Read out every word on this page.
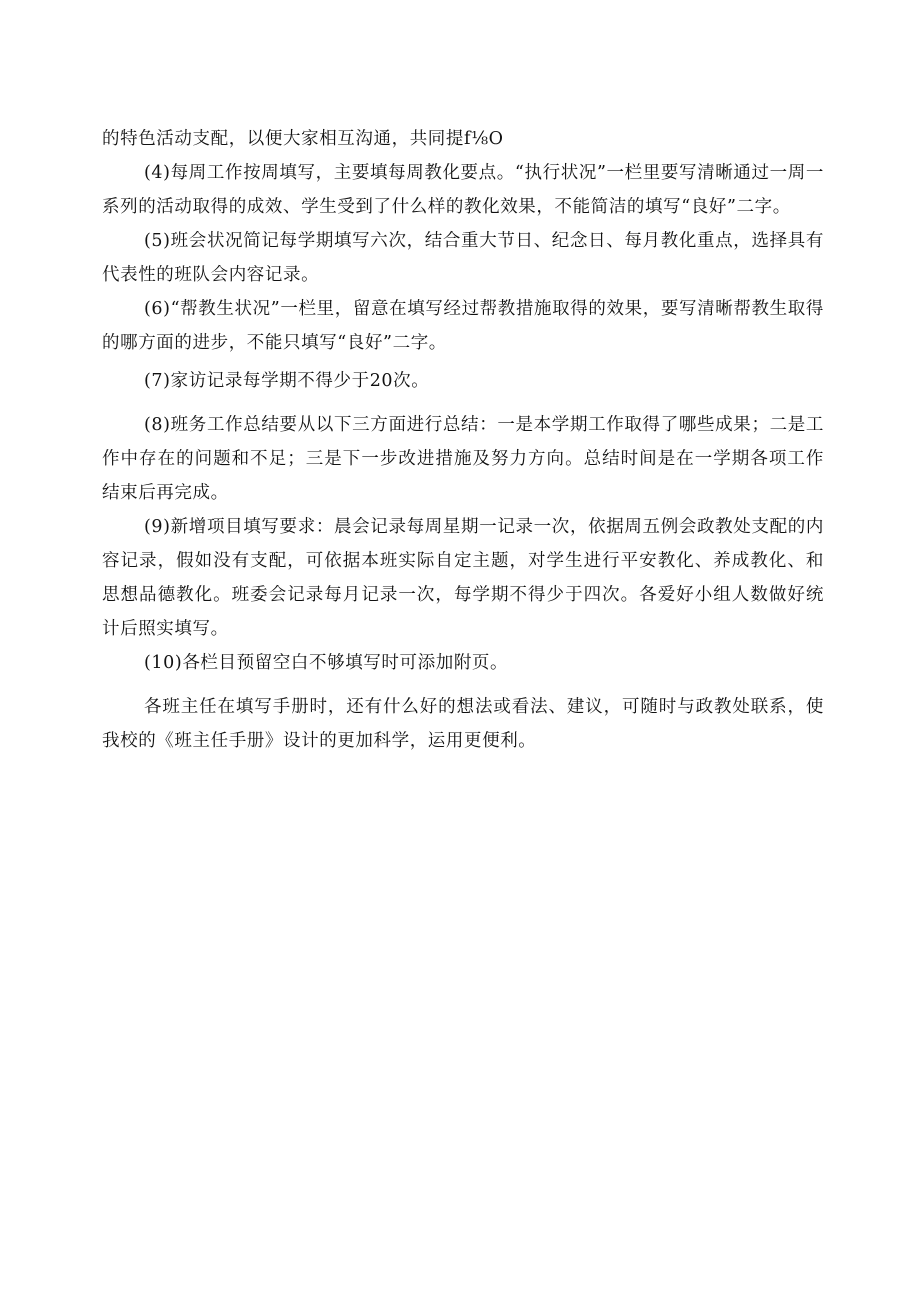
的特色活动支配，以便大家相互沟通，共同提f⅛O

(4)每周工作按周填写，主要填每周教化要点。“执行状况”一栏里要写清晰通过一周一系列的活动取得的成效、学生受到了什么样的教化效果，不能简洁的填写“良好”二字。

(5)班会状况简记每学期填写六次，结合重大节日、纪念日、每月教化重点，选择具有代表性的班队会内容记录。

(6)“帮教生状况”一栏里，留意在填写经过帮教措施取得的效果，要写清晰帮教生取得的哪方面的进步，不能只填写“良好”二字。

(7)家访记录每学期不得少于20次。

(8)班务工作总结要从以下三方面进行总结：一是本学期工作取得了哪些成果；二是工作中存在的问题和不足；三是下一步改进措施及努力方向。总结时间是在一学期各项工作结束后再完成。

(9)新增项目填写要求：晨会记录每周星期一记录一次，依据周五例会政教处支配的内容记录，假如没有支配，可依据本班实际自定主题，对学生进行平安教化、养成教化、和思想品德教化。班委会记录每月记录一次，每学期不得少于四次。各爱好小组人数做好统计后照实填写。

(10)各栏目预留空白不够填写时可添加附页。

各班主任在填写手册时，还有什么好的想法或看法、建议，可随时与政教处联系，使我校的《班主任手册》设计的更加科学，运用更便利。
